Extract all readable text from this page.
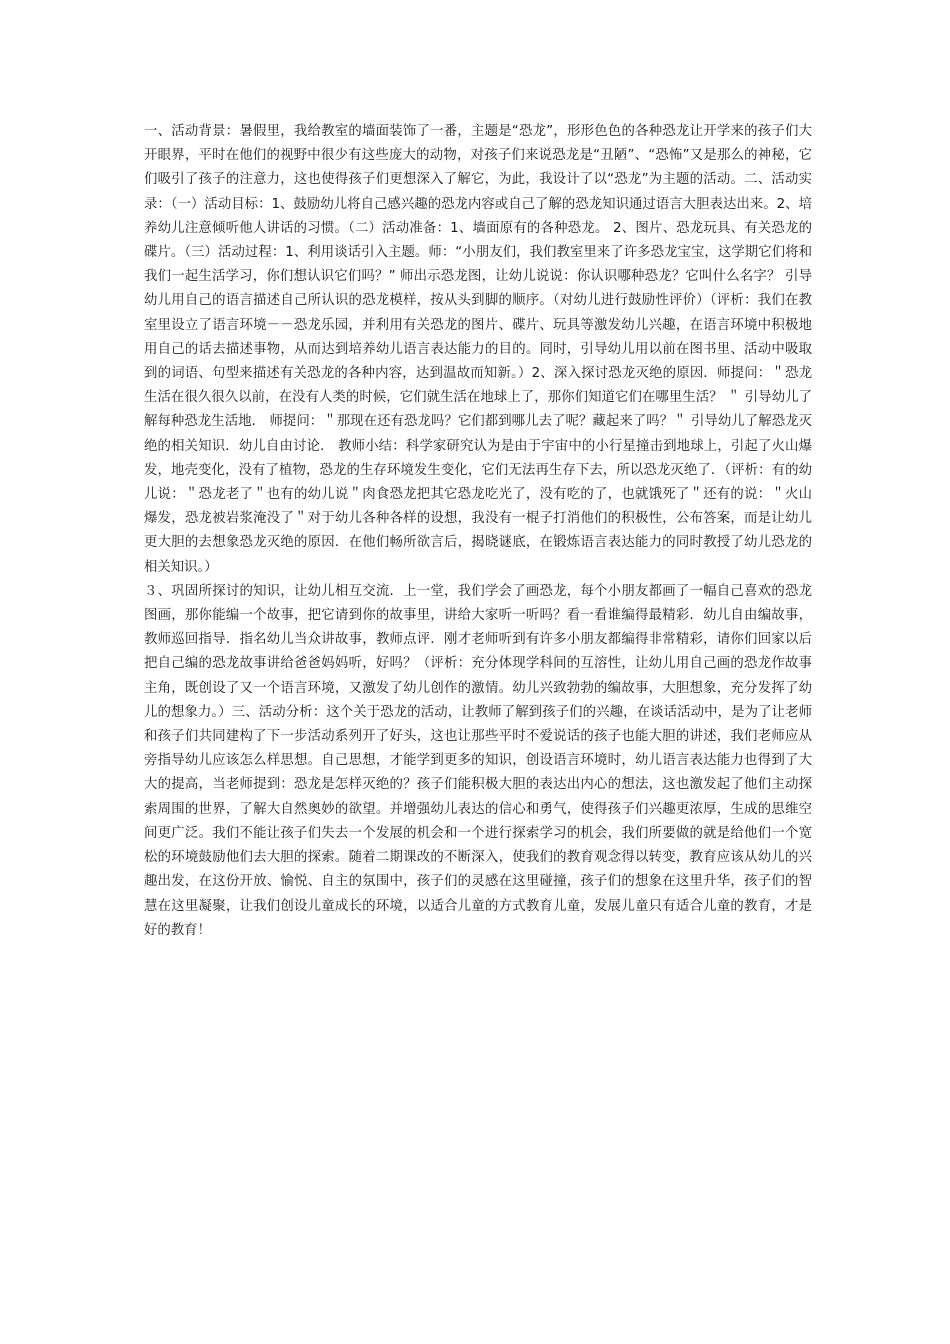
一、活动背景：暑假里，我给教室的墙面装饰了一番，主题是“恐龙”，形形色色的各种恐龙让开学来的孩子们大开眼界，平时在他们的视野中很少有这些庞大的动物，对孩子们来说恐龙是“丑陋”、“恐怖”又是那么的神秘，它们吸引了孩子的注意力，这也使得孩子们更想深入了解它，为此，我设计了以“恐龙”为主题的活动。二、活动实录：（一）活动目标：1、鼓励幼儿将自己感兴趣的恐龙内容或自己了解的恐龙知识通过语言大胆表达出来。2、培养幼儿注意倾听他人讲话的习惯。（二）活动准备：1、墙面原有的各种恐龙。 2、图片、恐龙玩具、有关恐龙的碟片。（三）活动过程：1、利用谈话引入主题。师：“小朋友们，我们教室里来了许多恐龙宝宝，这学期它们将和我们一起生活学习，你们想认识它们吗？” 师出示恐龙图，让幼儿说说：你认识哪种恐龙？它叫什么名字？ 引导幼儿用自己的语言描述自己所认识的恐龙模样，按从头到脚的顺序。（对幼儿进行鼓励性评价）（评析：我们在教室里设立了语言环境－－恐龙乐园，并利用有关恐龙的图片、碟片、玩具等激发幼儿兴趣，在语言环境中积极地用自己的话去描述事物，从而达到培养幼儿语言表达能力的目的。同时，引导幼儿用以前在图书里、活动中吸取到的词语、句型来描述有关恐龙的各种内容，达到温故而知新。）2、深入探讨恐龙灭绝的原因．师提问：＂恐龙生活在很久很久以前，在没有人类的时候，它们就生活在地球上了，那你们知道它们在哪里生活？ ＂ 引导幼儿了解每种恐龙生活地． 师提问：＂那现在还有恐龙吗？它们都到哪儿去了呢？藏起来了吗？＂ 引导幼儿了解恐龙灭绝的相关知识．幼儿自由讨论． 教师小结：科学家研究认为是由于宇宙中的小行星撞击到地球上，引起了火山爆发，地壳变化，没有了植物，恐龙的生存环境发生变化，它们无法再生存下去，所以恐龙灭绝了．（评析：有的幼儿说：＂恐龙老了＂也有的幼儿说＂肉食恐龙把其它恐龙吃光了，没有吃的了，也就饿死了＂还有的说：＂火山爆发，恐龙被岩浆淹没了＂对于幼儿各种各样的设想，我没有一棍子打消他们的积极性，公布答案，而是让幼儿更大胆的去想象恐龙灭绝的原因．在他们畅所欲言后，揭晓谜底，在锻炼语言表达能力的同时教授了幼儿恐龙的相关知识。）

３、巩固所探讨的知识，让幼儿相互交流．上一堂，我们学会了画恐龙，每个小朋友都画了一幅自己喜欢的恐龙图画，那你能编一个故事，把它请到你的故事里，讲给大家听一听吗？看一看谁编得最精彩．幼儿自由编故事，教师巡回指导．指名幼儿当众讲故事，教师点评．刚才老师听到有许多小朋友都编得非常精彩，请你们回家以后把自己编的恐龙故事讲给爸爸妈妈听，好吗？（评析：充分体现学科间的互溶性，让幼儿用自己画的恐龙作故事主角，既创设了又一个语言环境，又激发了幼儿创作的激情。幼儿兴致勃勃的编故事，大胆想象，充分发挥了幼儿的想象力。）三、活动分析：这个关于恐龙的活动，让教师了解到孩子们的兴趣，在谈话活动中，是为了让老师和孩子们共同建构了下一步活动系列开了好头，这也让那些平时不爱说话的孩子也能大胆的讲述，我们老师应从旁指导幼儿应该怎么样思想。自己思想，才能学到更多的知识，创设语言环境时，幼儿语言表达能力也得到了大大的提高，当老师提到：恐龙是怎样灭绝的？孩子们能积极大胆的表达出内心的想法，这也激发起了他们主动探索周围的世界，了解大自然奥妙的欲望。并增强幼儿表达的信心和勇气，使得孩子们兴趣更浓厚，生成的思维空间更广泛。我们不能让孩子们失去一个发展的机会和一个进行探索学习的机会，我们所要做的就是给他们一个宽松的环境鼓励他们去大胆的探索。随着二期课改的不断深入，使我们的教育观念得以转变，教育应该从幼儿的兴趣出发，在这份开放、愉悦、自主的氛围中，孩子们的灵感在这里碰撞，孩子们的想象在这里升华，孩子们的智慧在这里凝聚，让我们创设儿童成长的环境，以适合儿童的方式教育儿童，发展儿童只有适合儿童的教育，才是好的教育！
